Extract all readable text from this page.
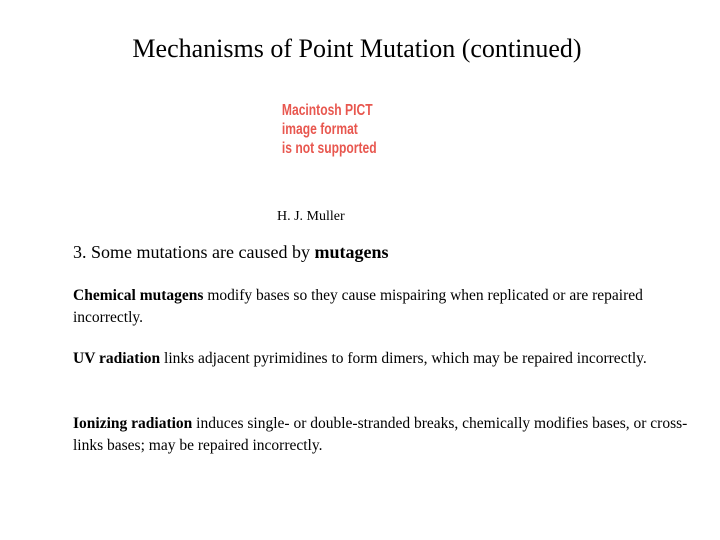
Mechanisms of Point Mutation (continued)
Macintosh PICT
image format
is not supported
H. J. Muller
3. Some mutations are caused by mutagens
Chemical mutagens modify bases so they cause mispairing when replicated or are repaired incorrectly.
UV radiation links adjacent pyrimidines to form dimers, which may be repaired incorrectly.
Ionizing radiation induces single- or double-stranded breaks, chemically modifies bases, or cross-links bases; may be repaired incorrectly.
